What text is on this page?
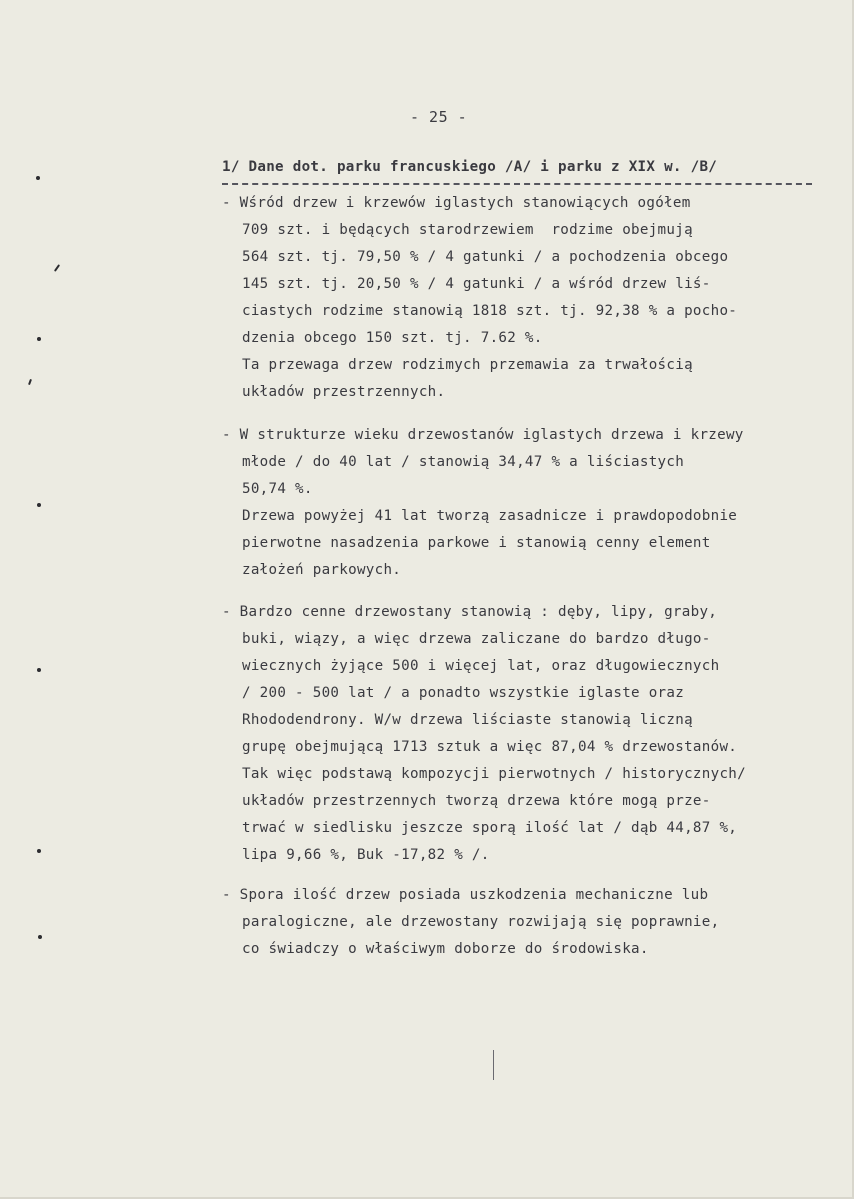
- 25 -
1/ Dane dot. parku francuskiego /A/ i parku z XIX w. /B/
- Wśród drzew i krzewów iglastych stanowiących ogółem
709 szt. i będących starodrzewiem  rodzime obejmują
564 szt. tj. 79,50 % / 4 gatunki / a pochodzenia obcego
145 szt. tj. 20,50 % / 4 gatunki / a wśród drzew liś-
ciastych rodzime stanowią 1818 szt. tj. 92,38 % a pocho-
dzenia obcego 150 szt. tj. 7.62 %.
Ta przewaga drzew rodzimych przemawia za trwałością
układów przestrzennych.
- W strukturze wieku drzewostanów iglastych drzewa i krzewy
młode / do 40 lat / stanowią 34,47 % a liściastych
50,74 %.
Drzewa powyżej 41 lat tworzą zasadnicze i prawdopodobnie
pierwotne nasadzenia parkowe i stanowią cenny element
założeń parkowych.
- Bardzo cenne drzewostany stanowią : dęby, lipy, graby,
buki, wiązy, a więc drzewa zaliczane do bardzo długo-
wiecznych żyjące 500 i więcej lat, oraz długowiecznych
/ 200 - 500 lat / a ponadto wszystkie iglaste oraz
Rhododendrony. W/w drzewa liściaste stanowią liczną
grupę obejmującą 1713 sztuk a więc 87,04 % drzewostanów.
Tak więc podstawą kompozycji pierwotnych / historycznych/
układów przestrzennych tworzą drzewa które mogą prze-
trwać w siedlisku jeszcze sporą ilość lat / dąb 44,87 %,
lipa 9,66 %, Buk -17,82 % /.
- Spora ilość drzew posiada uszkodzenia mechaniczne lub
paralogiczne, ale drzewostany rozwijają się poprawnie,
co świadczy o właściwym doborze do środowiska.
